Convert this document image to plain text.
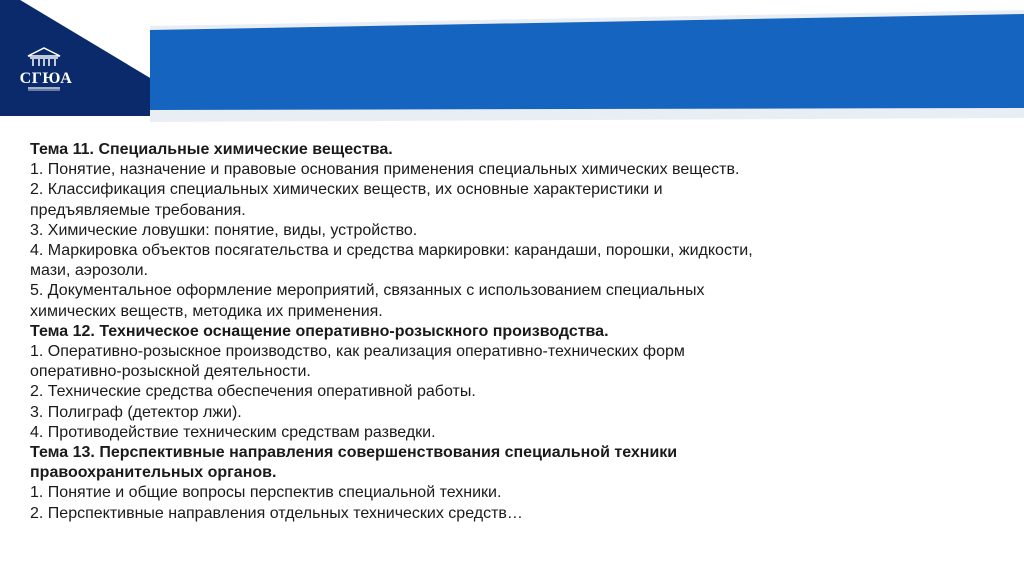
СГЮА
Тема 11. Специальные химические вещества.
1. Понятие, назначение и правовые основания применения специальных химических веществ.
2. Классификация специальных химических веществ, их основные характеристики и
предъявляемые требования.
3. Химические ловушки: понятие, виды, устройство.
4. Маркировка объектов посягательства и средства маркировки: карандаши, порошки, жидкости,
мази, аэрозоли.
5. Документальное оформление мероприятий, связанных с использованием специальных
химических веществ, методика их применения.
Тема 12. Техническое оснащение оперативно-розыскного производства.
1. Оперативно-розыскное производство, как реализация оперативно-технических форм
оперативно-розыскной деятельности.
2. Технические средства обеспечения оперативной работы.
3. Полиграф (детектор лжи).
4. Противодействие техническим средствам разведки.
Тема 13. Перспективные направления совершенствования специальной техники
правоохранительных органов.
1. Понятие и общие вопросы перспектив специальной техники.
2. Перспективные направления отдельных технических средств…
